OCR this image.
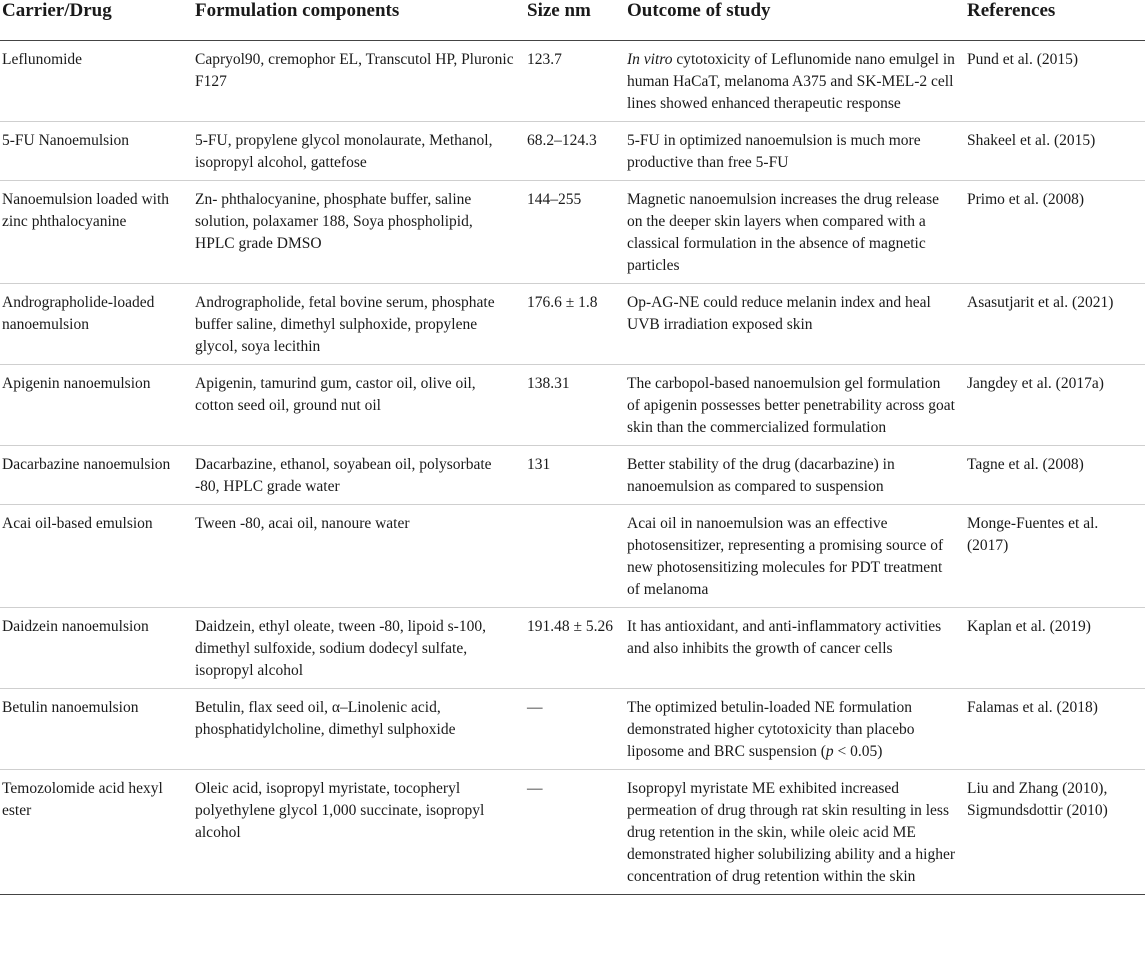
Carrier/Drug	Formulation components	Size nm	Outcome of study	References
Leflunomide	Capryol90, cremophor EL, Transcutol HP, Pluronic F127	123.7	In vitro cytotoxicity of Leflunomide nano emulgel in human HaCaT, melanoma A375 and SK-MEL-2 cell lines showed enhanced therapeutic response	Pund et al. (2015)
5-FU Nanoemulsion	5-FU, propylene glycol monolaurate, Methanol, isopropyl alcohol, gattefose	68.2–124.3	5-FU in optimized nanoemulsion is much more productive than free 5-FU	Shakeel et al. (2015)
Nanoemulsion loaded with zinc phthalocyanine	Zn- phthalocyanine, phosphate buffer, saline solution, polaxamer 188, Soya phospholipid, HPLC grade DMSO	144–255	Magnetic nanoemulsion increases the drug release on the deeper skin layers when compared with a classical formulation in the absence of magnetic particles	Primo et al. (2008)
Andrographolide-loaded nanoemulsion	Andrographolide, fetal bovine serum, phosphate buffer saline, dimethyl sulphoxide, propylene glycol, soya lecithin	176.6 ± 1.8	Op-AG-NE could reduce melanin index and heal UVB irradiation exposed skin	Asasutjarit et al. (2021)
Apigenin nanoemulsion	Apigenin, tamurind gum, castor oil, olive oil, cotton seed oil, ground nut oil	138.31	The carbopol-based nanoemulsion gel formulation of apigenin possesses better penetrability across goat skin than the commercialized formulation	Jangdey et al. (2017a)
Dacarbazine nanoemulsion	Dacarbazine, ethanol, soyabean oil, polysorbate -80, HPLC grade water	131	Better stability of the drug (dacarbazine) in nanoemulsion as compared to suspension	Tagne et al. (2008)
Acai oil-based emulsion	Tween -80, acai oil, nanoure water		Acai oil in nanoemulsion was an effective photosensitizer, representing a promising source of new photosensitizing molecules for PDT treatment of melanoma	Monge-Fuentes et al. (2017)
Daidzein nanoemulsion	Daidzein, ethyl oleate, tween -80, lipoid s-100, dimethyl sulfoxide, sodium dodecyl sulfate, isopropyl alcohol	191.48 ± 5.26	It has antioxidant, and anti-inflammatory activities and also inhibits the growth of cancer cells	Kaplan et al. (2019)
Betulin nanoemulsion	Betulin, flax seed oil, α–Linolenic acid, phosphatidylcholine, dimethyl sulphoxide	—	The optimized betulin-loaded NE formulation demonstrated higher cytotoxicity than placebo liposome and BRC suspension (p < 0.05)	Falamas et al. (2018)
Temozolomide acid hexyl ester	Oleic acid, isopropyl myristate, tocopheryl polyethylene glycol 1,000 succinate, isopropyl alcohol	—	Isopropyl myristate ME exhibited increased permeation of drug through rat skin resulting in less drug retention in the skin, while oleic acid ME demonstrated higher solubilizing ability and a higher concentration of drug retention within the skin	Liu and Zhang (2010), Sigmundsdottir (2010)
